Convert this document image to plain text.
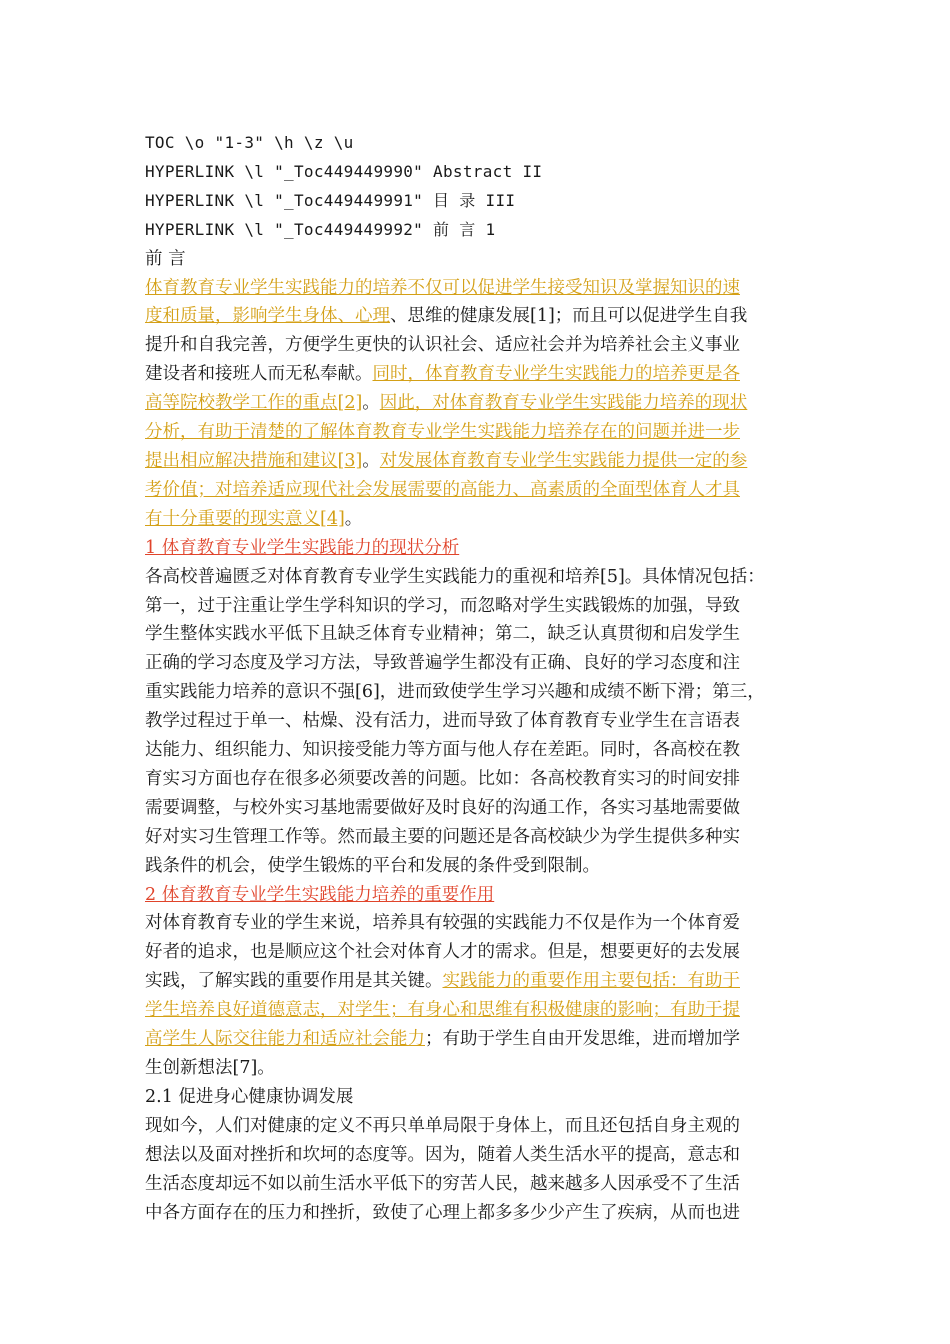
TOC \o "1-3" \h \z \u
HYPERLINK \l "_Toc449449990" Abstract II
HYPERLINK \l "_Toc449449991" 目 录 III
HYPERLINK \l "_Toc449449992" 前 言 1
前 言
体育教育专业学生实践能力的培养不仅可以促进学生接受知识及掌握知识的速
度和质量，影响学生身体、心理、思维的健康发展[1]；而且可以促进学生自我
提升和自我完善，方便学生更快的认识社会、适应社会并为培养社会主义事业
建设者和接班人而无私奉献。同时，体育教育专业学生实践能力的培养更是各
高等院校教学工作的重点[2]。因此，对体育教育专业学生实践能力培养的现状
分析，有助于清楚的了解体育教育专业学生实践能力培养存在的问题并进一步
提出相应解决措施和建议[3]。对发展体育教育专业学生实践能力提供一定的参
考价值；对培养适应现代社会发展需要的高能力、高素质的全面型体育人才具
有十分重要的现实意义[4]。
1 体育教育专业学生实践能力的现状分析
各高校普遍匮乏对体育教育专业学生实践能力的重视和培养[5]。具体情况包括：
第一，过于注重让学生学科知识的学习，而忽略对学生实践锻炼的加强，导致
学生整体实践水平低下且缺乏体育专业精神；第二，缺乏认真贯彻和启发学生
正确的学习态度及学习方法，导致普遍学生都没有正确、良好的学习态度和注
重实践能力培养的意识不强[6]，进而致使学生学习兴趣和成绩不断下滑；第三，
教学过程过于单一、枯燥、没有活力，进而导致了体育教育专业学生在言语表
达能力、组织能力、知识接受能力等方面与他人存在差距。同时，各高校在教
育实习方面也存在很多必须要改善的问题。比如：各高校教育实习的时间安排
需要调整，与校外实习基地需要做好及时良好的沟通工作，各实习基地需要做
好对实习生管理工作等。然而最主要的问题还是各高校缺少为学生提供多种实
践条件的机会，使学生锻炼的平台和发展的条件受到限制。
2 体育教育专业学生实践能力培养的重要作用
对体育教育专业的学生来说，培养具有较强的实践能力不仅是作为一个体育爱
好者的追求，也是顺应这个社会对体育人才的需求。但是，想要更好的去发展
实践，了解实践的重要作用是其关键。实践能力的重要作用主要包括：有助于
学生培养良好道德意志，对学生；有身心和思维有积极健康的影响；有助于提
高学生人际交往能力和适应社会能力；有助于学生自由开发思维，进而增加学
生创新想法[7]。
2.1 促进身心健康协调发展
现如今，人们对健康的定义不再只单单局限于身体上，而且还包括自身主观的
想法以及面对挫折和坎坷的态度等。因为，随着人类生活水平的提高，意志和
生活态度却远不如以前生活水平低下的穷苦人民，越来越多人因承受不了生活
中各方面存在的压力和挫折，致使了心理上都多多少少产生了疾病，从而也进
